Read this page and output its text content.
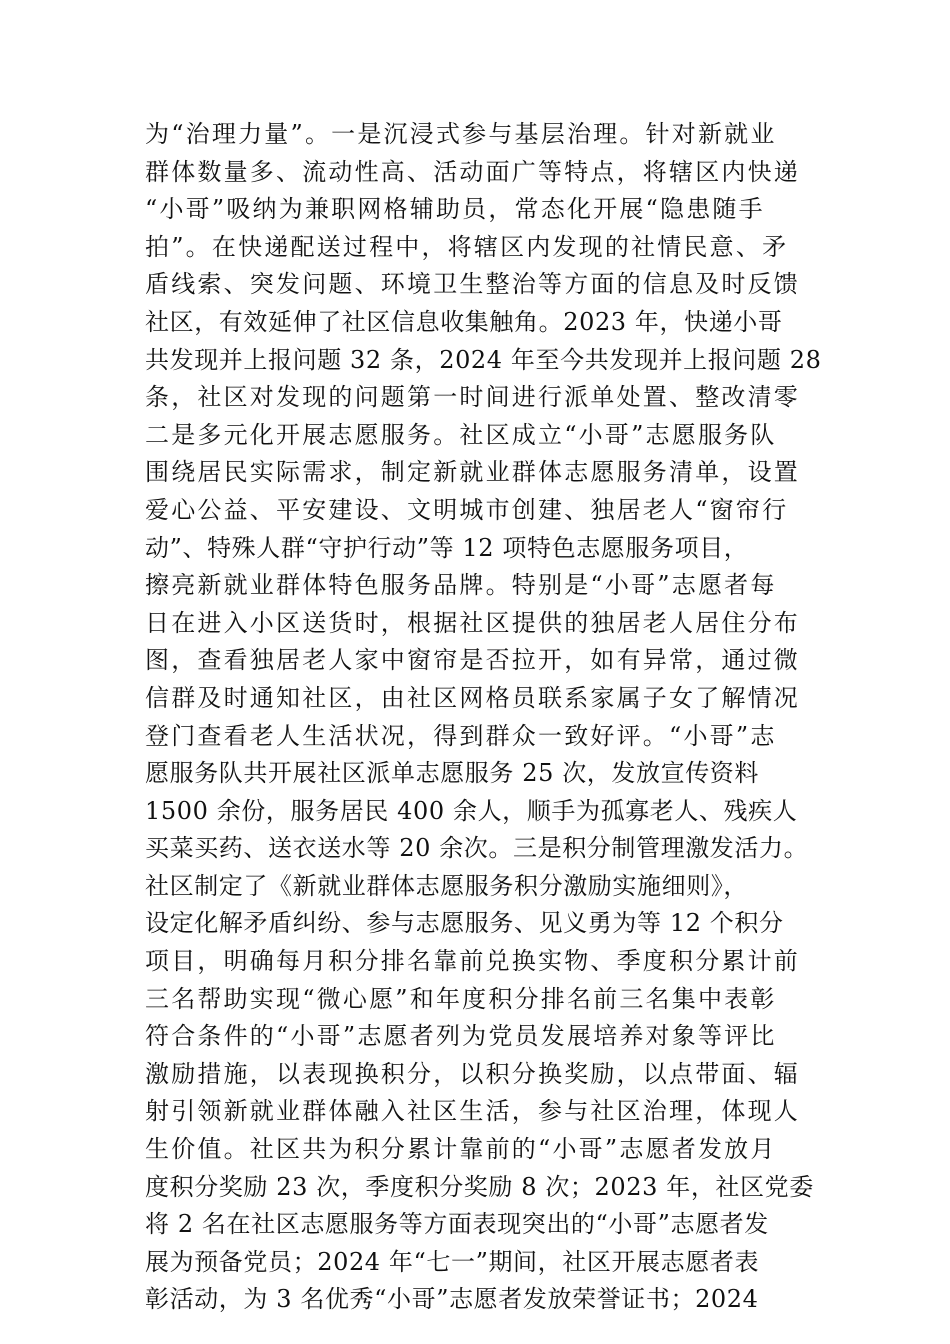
为“治理力量”。一是沉浸式参与基层治理。针对新就业
群体数量多、流动性高、活动面广等特点，将辖区内快递
“小哥”吸纳为兼职网格辅助员，常态化开展“隐患随手
拍”。在快递配送过程中，将辖区内发现的社情民意、矛
盾线索、突发问题、环境卫生整治等方面的信息及时反馈
社区，有效延伸了社区信息收集触角。2023 年，快递小哥
共发现并上报问题 32 条，2024 年至今共发现并上报问题 28
条，社区对发现的问题第一时间进行派单处置、整改清零
二是多元化开展志愿服务。社区成立“小哥”志愿服务队
围绕居民实际需求，制定新就业群体志愿服务清单，设置
爱心公益、平安建设、文明城市创建、独居老人“窗帘行
动”、特殊人群“守护行动”等 12 项特色志愿服务项目，
擦亮新就业群体特色服务品牌。特别是“小哥”志愿者每
日在进入小区送货时，根据社区提供的独居老人居住分布
图，查看独居老人家中窗帘是否拉开，如有异常，通过微
信群及时通知社区，由社区网格员联系家属子女了解情况
登门查看老人生活状况，得到群众一致好评。“小哥”志
愿服务队共开展社区派单志愿服务 25 次，发放宣传资料
1500 余份，服务居民 400 余人，顺手为孤寡老人、残疾人
买菜买药、送衣送水等 20 余次。三是积分制管理激发活力。
社区制定了《新就业群体志愿服务积分激励实施细则》，
设定化解矛盾纠纷、参与志愿服务、见义勇为等 12 个积分
项目，明确每月积分排名靠前兑换实物、季度积分累计前
三名帮助实现“微心愿”和年度积分排名前三名集中表彰
符合条件的“小哥”志愿者列为党员发展培养对象等评比
激励措施，以表现换积分，以积分换奖励，以点带面、辐
射引领新就业群体融入社区生活，参与社区治理，体现人
生价值。社区共为积分累计靠前的“小哥”志愿者发放月
度积分奖励 23 次，季度积分奖励 8 次；2023 年，社区党委
将 2 名在社区志愿服务等方面表现突出的“小哥”志愿者发
展为预备党员；2024 年“七一”期间，社区开展志愿者表
彰活动，为 3 名优秀“小哥”志愿者发放荣誉证书；2024
